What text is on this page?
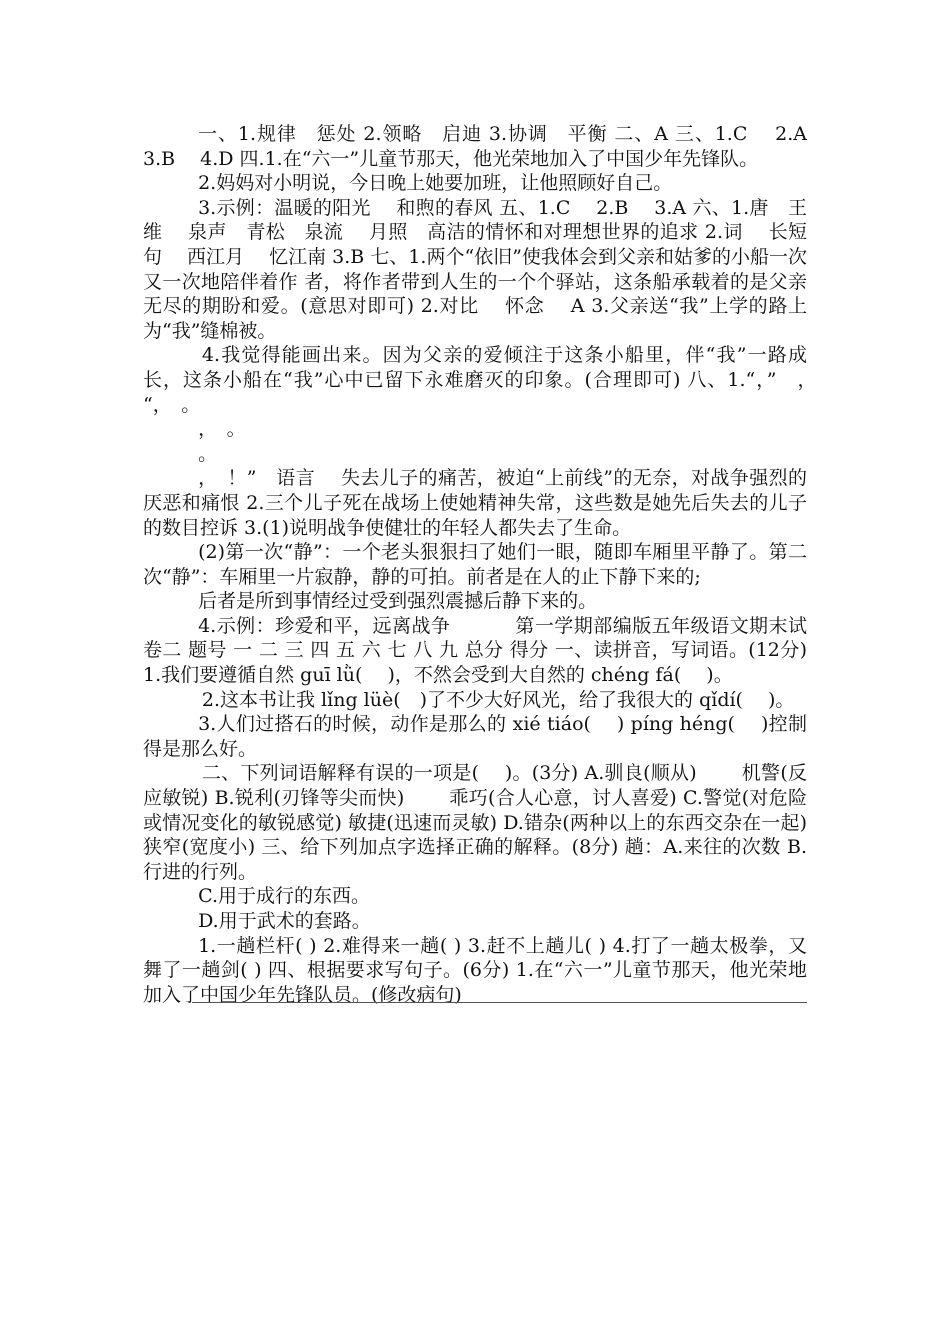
一、1.规律　惩处 2.领略　启迪 3.协调　平衡 二、A 三、1.C　 2.A　3.B　 4.D 四.1.在“六一”儿童节那天，他光荣地加入了中国少年先锋队。

2.妈妈对小明说，今日晚上她要加班，让他照顾好自己。

3.示例：温暖的阳光　 和煦的春风 五、1.C　 2.B　 3.A 六、1.唐　王维　 泉声　青松　泉流　 月照　高洁的情怀和对理想世界的追求 2.词　 长短句　 西江月　 忆江南 3.B 七、1.两个“依旧”使我体会到父亲和姑爹的小船一次又一次地陪伴着作 者，将作者带到人生的一个个驿站，这条船承载着的是父亲无尽的期盼和爱。(意思对即可) 2.对比　 怀念　 A 3.父亲送“我”上学的路上为“我”缝棉被。

4.我觉得能画出来。因为父亲的爱倾注于这条小船里，伴“我”一路成长，这条小船在“我”心中已留下永难磨灭的印象。(合理即可) 八、1.“，”　，　“，　。

，　。

。

，　！”　语言　 失去儿子的痛苦，被迫“上前线”的无奈，对战争强烈的厌恶和痛恨 2.三个儿子死在战场上使她精神失常，这些数是她先后失去的儿子的数目控诉 3.(1)说明战争使健壮的年轻人都失去了生命。

(2)第一次“静”：一个老头狠狠扫了她们一眼，随即车厢里平静了。第二次“静”：车厢里一片寂静，静的可拍。前者是在人的止下静下来的;

后者是所到事情经过受到强烈震撼后静下来的。

4.示例：珍爱和平，远离战争　　　 第一学期部编版五年级语文期末试卷二 题号 一 二 三 四 五 六 七 八 九 总分 得分 一、读拼音，写词语。(12分) 1.我们要遵循自然 guī lǜ(　 )，不然会受到大自然的 chéng fá(　 )。

2.这本书让我 lǐng lüè(　)了不少大好风光，给了我很大的 qǐdí(　 )。

3.人们过搭石的时候，动作是那么的 xié tiáo(　 ) píng héng(　 )控制得是那么好。

二、下列词语解释有误的一项是(　 )。(3分) A.驯良(顺从)　　 机警(反应敏锐) B.锐利(刃锋等尖而快)　　 乖巧(合人心意，讨人喜爱) C.警觉(对危险或情况变化的敏锐感觉) 敏捷(迅速而灵敏) D.错杂(两种以上的东西交杂在一起)　 狭窄(宽度小) 三、给下列加点字选择正确的解释。(8分) 趟：A.来往的次数 B.行进的行列。

C.用于成行的东西。

D.用于武术的套路。

1.一趟栏杆( ) 2.难得来一趟( ) 3.赶不上趟儿( ) 4.打了一趟太极拳，又舞了一趟剑( ) 四、根据要求写句子。(6分) 1.在“六一”儿童节那天，他光荣地加入了中国少年先锋队员。(修改病句)
